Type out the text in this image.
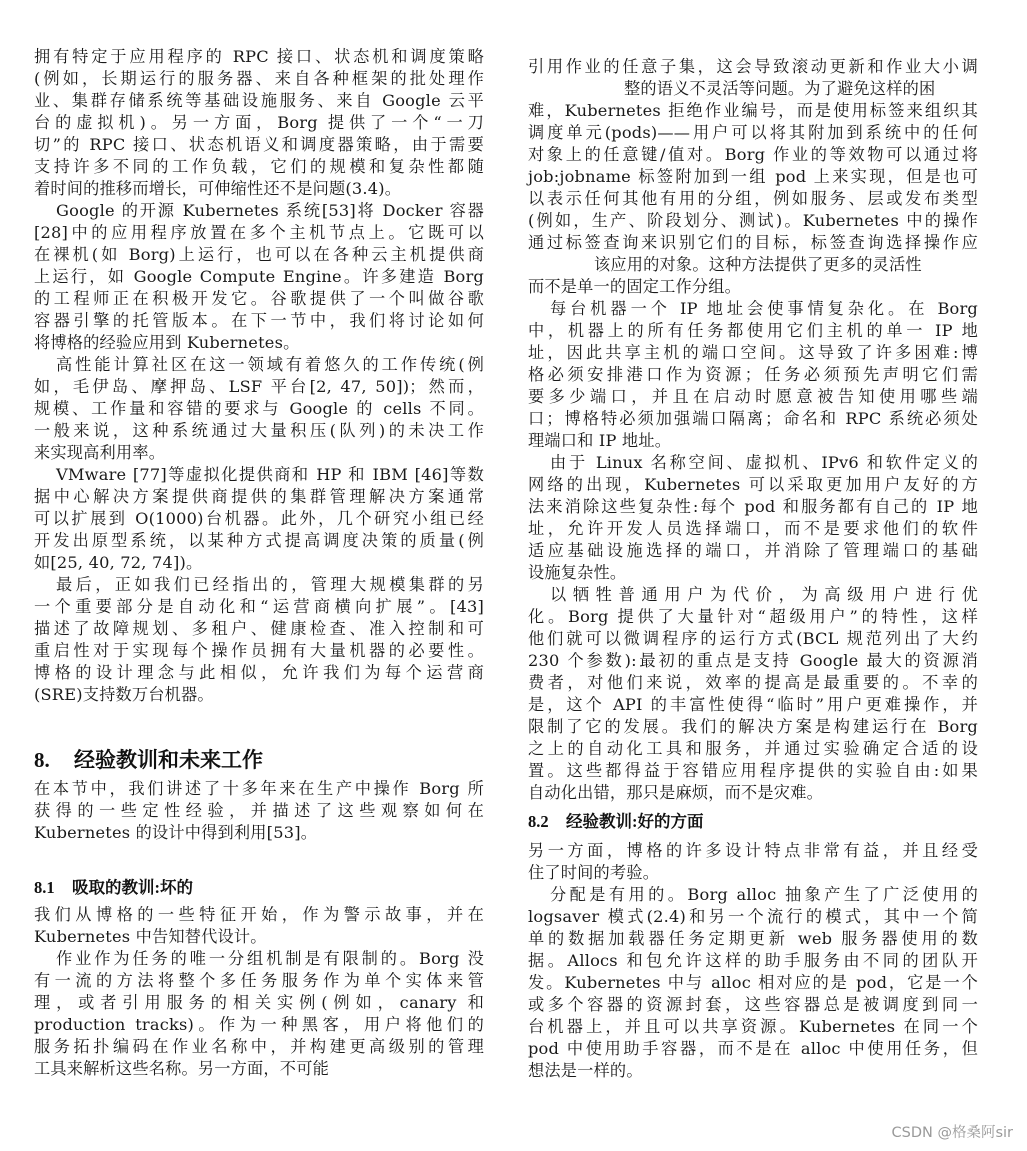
拥有特定于应用程序的 RPC 接口、状态机和调度策略
(例如，长期运行的服务器、来自各种框架的批处理作
业、集群存储系统等基础设施服务、来自 Google 云平
台的虚拟机)。另一方面，Borg 提供了一个“一刀
切”的 RPC 接口、状态机语义和调度器策略，由于需要
支持许多不同的工作负载，它们的规模和复杂性都随
着时间的推移而增长，可伸缩性还不是问题(3.4)。
Google 的开源 Kubernetes 系统[53]将 Docker 容器
[28]中的应用程序放置在多个主机节点上。它既可以
在裸机(如 Borg)上运行，也可以在各种云主机提供商
上运行，如 Google Compute Engine。许多建造 Borg
的工程师正在积极开发它。谷歌提供了一个叫做谷歌
容器引擎的托管版本。在下一节中，我们将讨论如何
将博格的经验应用到 Kubernetes。
高性能计算社区在这一领域有着悠久的工作传统(例
如，毛伊岛、摩押岛、LSF 平台[2, 47, 50])；然而，
规模、工作量和容错的要求与 Google 的 cells 不同。
一般来说，这种系统通过大量积压(队列)的未决工作
来实现高利用率。
VMware [77]等虚拟化提供商和 HP 和 IBM [46]等数
据中心解决方案提供商提供的集群管理解决方案通常
可以扩展到 O(1000)台机器。此外，几个研究小组已经
开发出原型系统，以某种方式提高调度决策的质量(例
如[25, 40, 72, 74])。
最后，正如我们已经指出的，管理大规模集群的另
一个重要部分是自动化和“运营商横向扩展”。[43]
描述了故障规划、多租户、健康检查、准入控制和可
重启性对于实现每个操作员拥有大量机器的必要性。
博格的设计理念与此相似，允许我们为每个运营商
(SRE)支持数万台机器。
8. 经验教训和未来工作
在本节中，我们讲述了十多年来在生产中操作 Borg 所
获得的一些定性经验，并描述了这些观察如何在
Kubernetes 的设计中得到利用[53]。
8.1 吸取的教训:坏的
我们从博格的一些特征开始，作为警示故事，并在
Kubernetes 中告知替代设计。
作业作为任务的唯一分组机制是有限制的。Borg 没
有一流的方法将整个多任务服务作为单个实体来管
理，或者引用服务的相关实例(例如，canary 和
production tracks)。作为一种黑客，用户将他们的
服务拓扑编码在作业名称中，并构建更高级别的管理
工具来解析这些名称。另一方面，不可能
引用作业的任意子集，这会导致滚动更新和作业大小调
整的语义不灵活等问题。为了避免这样的困
难，Kubernetes 拒绝作业编号，而是使用标签来组织其
调度单元(pods)——用户可以将其附加到系统中的任何
对象上的任意键/值对。Borg 作业的等效物可以通过将
job:jobname 标签附加到一组 pod 上来实现，但是也可
以表示任何其他有用的分组，例如服务、层或发布类型
(例如，生产、阶段划分、测试)。Kubernetes 中的操作
通过标签查询来识别它们的目标，标签查询选择操作应
该应用的对象。这种方法提供了更多的灵活性
而不是单一的固定工作分组。
每台机器一个 IP 地址会使事情复杂化。在 Borg
中，机器上的所有任务都使用它们主机的单一 IP 地
址，因此共享主机的端口空间。这导致了许多困难:博
格必须安排港口作为资源；任务必须预先声明它们需
要多少端口，并且在启动时愿意被告知使用哪些端
口；博格特必须加强端口隔离；命名和 RPC 系统必须处
理端口和 IP 地址。
由于 Linux 名称空间、虚拟机、IPv6 和软件定义的
网络的出现，Kubernetes 可以采取更加用户友好的方
法来消除这些复杂性:每个 pod 和服务都有自己的 IP 地
址，允许开发人员选择端口，而不是要求他们的软件
适应基础设施选择的端口，并消除了管理端口的基础
设施复杂性。
以牺牲普通用户为代价，为高级用户进行优
化。Borg 提供了大量针对“超级用户”的特性，这样
他们就可以微调程序的运行方式(BCL 规范列出了大约
230 个参数):最初的重点是支持 Google 最大的资源消
费者，对他们来说，效率的提高是最重要的。不幸的
是，这个 API 的丰富性使得“临时”用户更难操作，并
限制了它的发展。我们的解决方案是构建运行在 Borg
之上的自动化工具和服务，并通过实验确定合适的设
置。这些都得益于容错应用程序提供的实验自由:如果
自动化出错，那只是麻烦，而不是灾难。
8.2 经验教训:好的方面
另一方面，博格的许多设计特点非常有益，并且经受
住了时间的考验。
分配是有用的。Borg alloc 抽象产生了广泛使用的
logsaver 模式(2.4)和另一个流行的模式，其中一个简
单的数据加载器任务定期更新 web 服务器使用的数
据。Allocs 和包允许这样的助手服务由不同的团队开
发。Kubernetes 中与 alloc 相对应的是 pod，它是一个
或多个容器的资源封套，这些容器总是被调度到同一
台机器上，并且可以共享资源。Kubernetes 在同一个
pod 中使用助手容器，而不是在 alloc 中使用任务，但
想法是一样的。
CSDN @格桑阿sir
